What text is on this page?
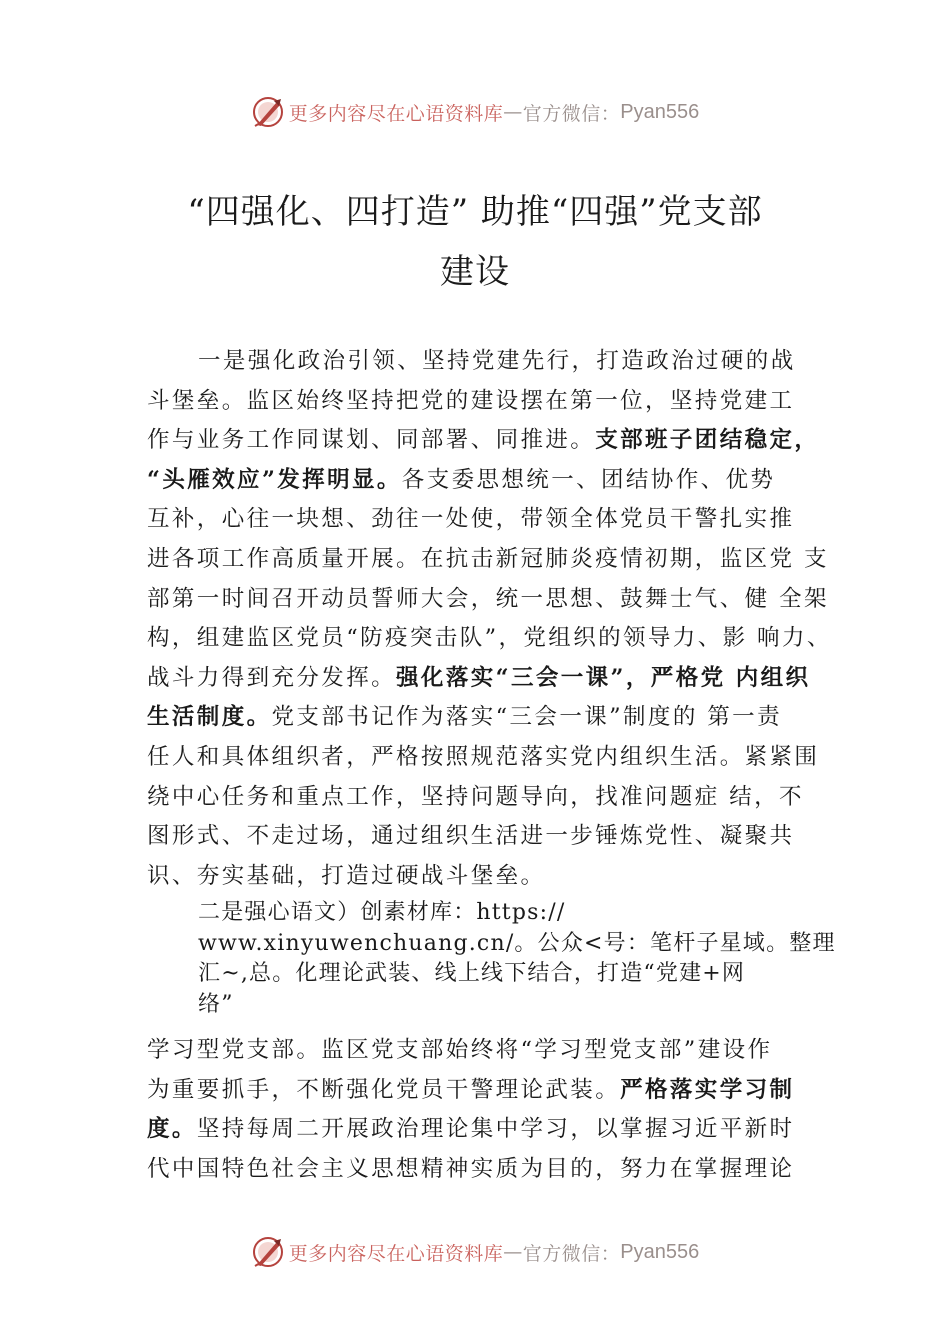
更多内容尽在心语资料库 — 官方微信： Pyan556
“四强化、四打造” 助推“四强”党支部
建设
一是强化政治引领、坚持党建先行，打造政治过硬的战
斗堡垒。监区始终坚持把党的建设摆在第一位，坚持党建工
作与业务工作同谋划、同部署、同推进。支部班子团结稳定，
“头雁效应”发挥明显。各支委思想统一、团结协作、优势
互补，心往一块想、劲往一处使，带领全体党员干警扎实推
进各项工作高质量开展。在抗击新冠肺炎疫情初期，监区党 支
部第一时间召开动员誓师大会，统一思想、鼓舞士气、健 全架
构，组建监区党员“防疫突击队”，党组织的领导力、影 响力、
战斗力得到充分发挥。强化落实“三会一课”，严格党 内组织
生活制度。党支部书记作为落实“三会一课”制度的 第一责
任人和具体组织者，严格按照规范落实党内组织生活。紧紧围
绕中心任务和重点工作，坚持问题导向，找准问题症 结，不
图形式、不走过场，通过组织生活进一步锤炼党性、凝聚共
识、夯实基础，打造过硬战斗堡垒。
二是强心语文）创素材库：https://
www.xinyuwenchuang.cn/。公众<号：笔杆子星域。整理
汇~,总。化理论武装、线上线下结合，打造“党建+网
络”
学习型党支部。监区党支部始终将“学习型党支部”建设作
为重要抓手，不断强化党员干警理论武装。严格落实学习制
度。坚持每周二开展政治理论集中学习，以掌握习近平新时
代中国特色社会主义思想精神实质为目的，努力在掌握理论
更多内容尽在心语资料库 — 官方微信： Pyan556
